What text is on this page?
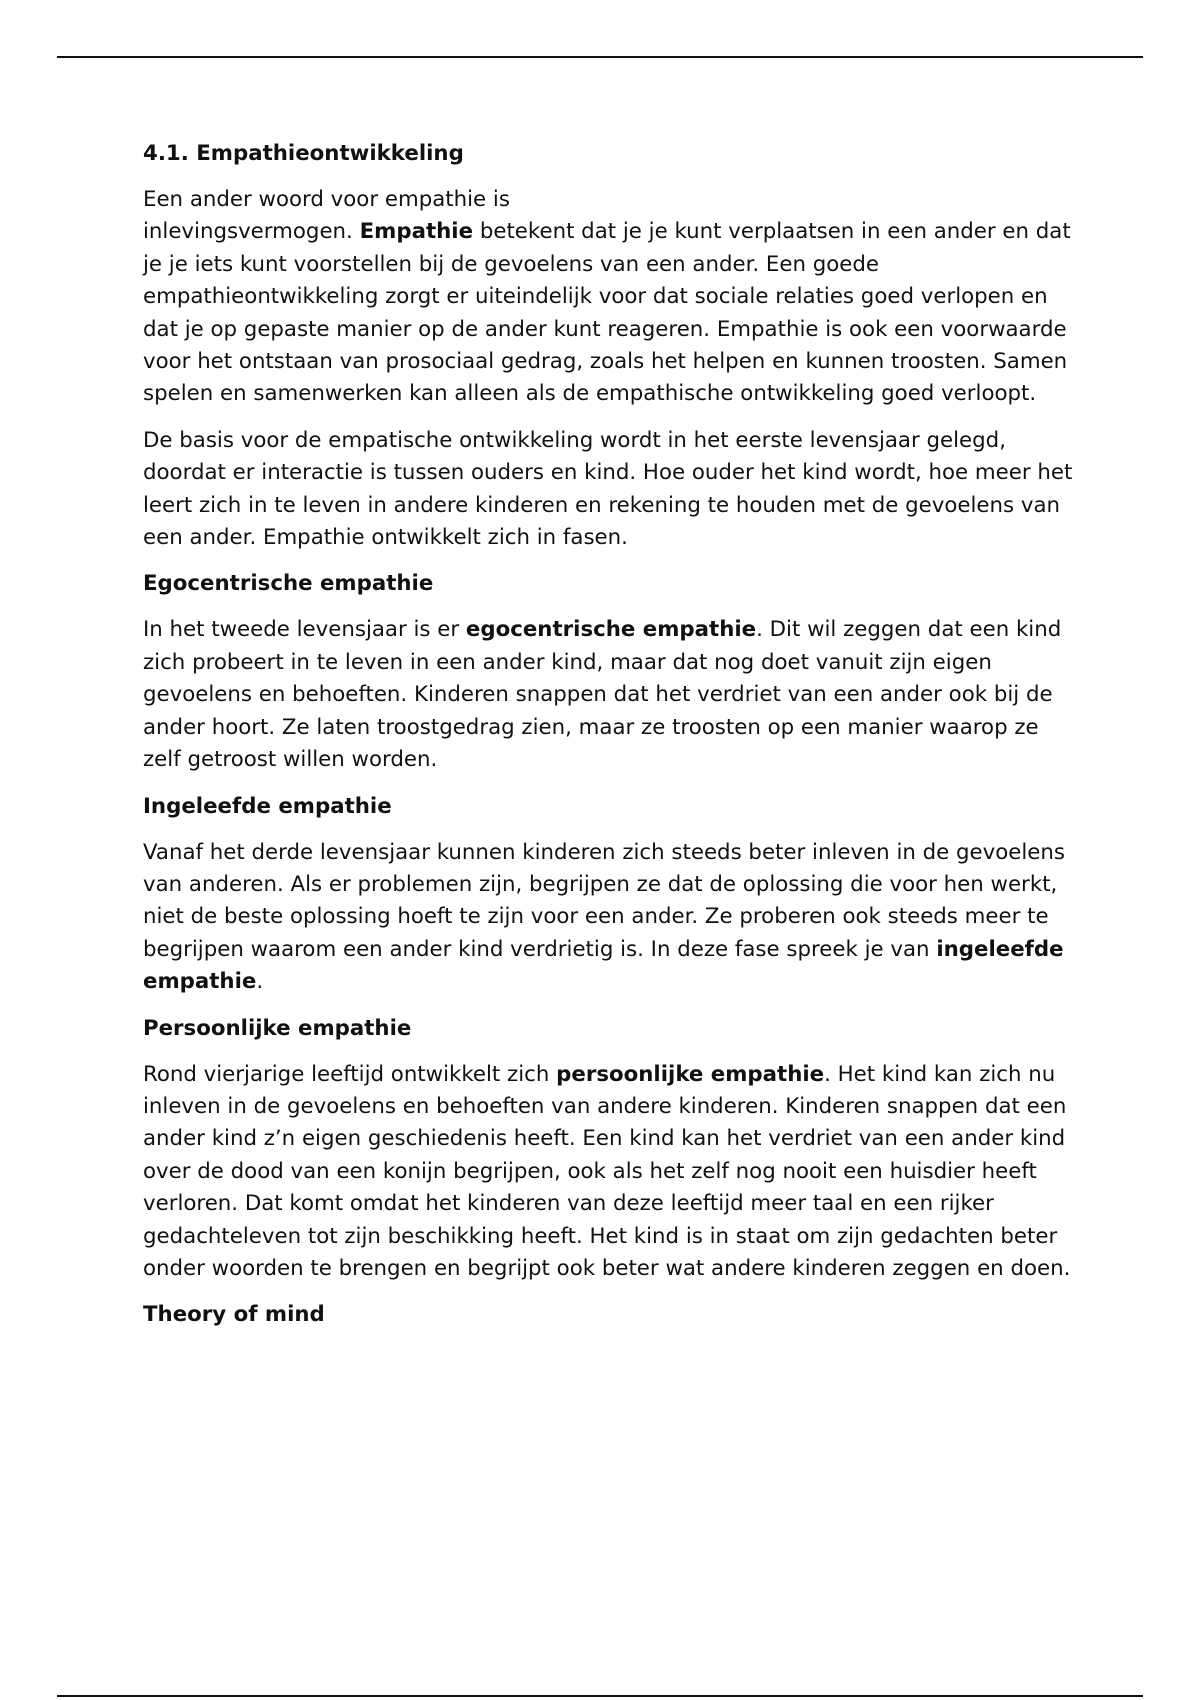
4.1. Empathieontwikkeling

Een ander woord voor empathie is
inlevingsvermogen. Empathie betekent dat je je kunt verplaatsen in een ander en dat je je iets kunt voorstellen bij de gevoelens van een ander. Een goede empathieontwikkeling zorgt er uiteindelijk voor dat sociale relaties goed verlopen en dat je op gepaste manier op de ander kunt reageren. Empathie is ook een voorwaarde voor het ontstaan van prosociaal gedrag, zoals het helpen en kunnen troosten. Samen spelen en samenwerken kan alleen als de empathische ontwikkeling goed verloopt.

De basis voor de empatische ontwikkeling wordt in het eerste levensjaar gelegd, doordat er interactie is tussen ouders en kind. Hoe ouder het kind wordt, hoe meer het leert zich in te leven in andere kinderen en rekening te houden met de gevoelens van een ander. Empathie ontwikkelt zich in fasen.

Egocentrische empathie

In het tweede levensjaar is er egocentrische empathie. Dit wil zeggen dat een kind zich probeert in te leven in een ander kind, maar dat nog doet vanuit zijn eigen gevoelens en behoeften. Kinderen snappen dat het verdriet van een ander ook bij de ander hoort. Ze laten troostgedrag zien, maar ze troosten op een manier waarop ze zelf getroost willen worden.

Ingeleefde empathie

Vanaf het derde levensjaar kunnen kinderen zich steeds beter inleven in de gevoelens van anderen. Als er problemen zijn, begrijpen ze dat de oplossing die voor hen werkt, niet de beste oplossing hoeft te zijn voor een ander. Ze proberen ook steeds meer te begrijpen waarom een ander kind verdrietig is. In deze fase spreek je van ingeleefde empathie.

Persoonlijke empathie

Rond vierjarige leeftijd ontwikkelt zich persoonlijke empathie. Het kind kan zich nu inleven in de gevoelens en behoeften van andere kinderen. Kinderen snappen dat een ander kind z’n eigen geschiedenis heeft. Een kind kan het verdriet van een ander kind over de dood van een konijn begrijpen, ook als het zelf nog nooit een huisdier heeft verloren. Dat komt omdat het kinderen van deze leeftijd meer taal en een rijker gedachteleven tot zijn beschikking heeft. Het kind is in staat om zijn gedachten beter onder woorden te brengen en begrijpt ook beter wat andere kinderen zeggen en doen.

Theory of mind
